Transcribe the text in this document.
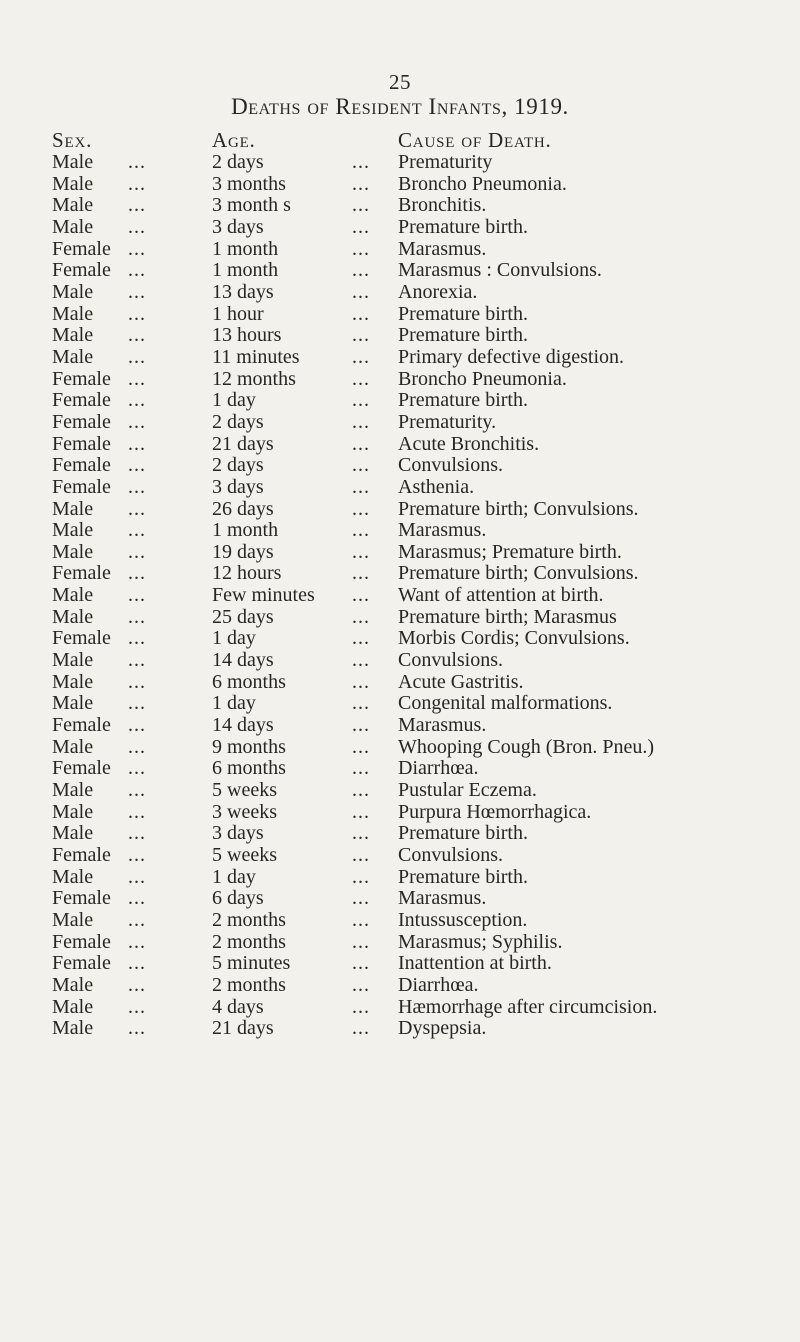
25
Deaths of Resident Infants, 1919.
Sex.	Age.	Cause of Death.
Male ...	2 days	... Prematurity
Male ...	3 months	... Broncho Pneumonia.
Male ...	3 month s	... Bronchitis.
Male ...	3 days	... Premature birth.
Female ...	1 month	... Marasmus.
Female ...	1 month	... Marasmus : Convulsions.
Male ...	13 days	... Anorexia.
Male ...	1 hour	... Premature birth.
Male ...	13 hours	... Premature birth.
Male ...	11 minutes	... Primary defective digestion.
Female ...	12 months	... Broncho Pneumonia.
Female ...	1 day	... Premature birth.
Female ...	2 days	... Prematurity.
Female ...	21 days	... Acute Bronchitis.
Female ...	2 days	... Convulsions.
Female ...	3 days	... Asthenia.
Male ...	26 days	... Premature birth; Convulsions.
Male ...	1 month	... Marasmus.
Male ...	19 days	... Marasmus; Premature birth.
Female ...	12 hours	... Premature birth; Convulsions.
Male ...	Few minutes ... Want of attention at birth.
Male ...	25 days	... Premature birth; Marasmus
Female ...	1 day	... Morbis Cordis; Convulsions.
Male ...	14 days	... Convulsions.
Male ...	6 months	... Acute Gastritis.
Male ...	1 day	... Congenital malformations.
Female ...	14 days	... Marasmus.
Male ...	9 months	... Whooping Cough (Bron. Pneu.)
Female ...	6 months	... Diarrhœa.
Male ...	5 weeks	... Pustular Eczema.
Male ...	3 weeks	... Purpura Hœmorrhagica.
Male ...	3 days	... Premature birth.
Female ...	5 weeks	... Convulsions.
Male ...	1 day	... Premature birth.
Female ...	6 days	... Marasmus.
Male ...	2 months	... Intussusception.
Female ...	2 months	... Marasmus; Syphilis.
Female ...	5 minutes	... Inattention at birth.
Male ...	2 months	... Diarrhœa.
Male ...	4 days	... Hæmorrhage after circumcision.
Male ...	21 days	... Dyspepsia.
